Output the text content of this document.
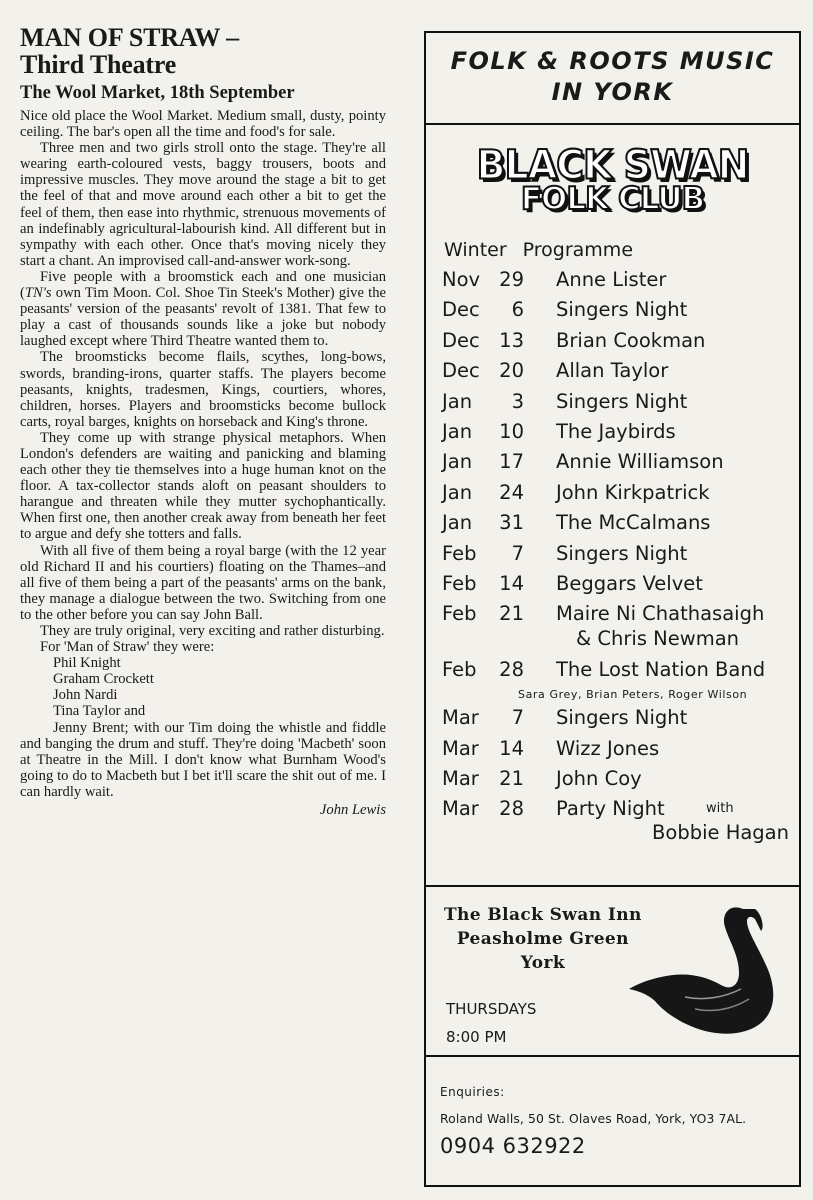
MAN OF STRAW –
Third Theatre
The Wool Market, 18th September

Nice old place the Wool Market. Medium small, dusty, pointy ceiling. The bar's open all the time and food's for sale.

Three men and two girls stroll onto the stage. They're all wearing earth-coloured vests, baggy trousers, boots and impressive muscles. They move around the stage a bit to get the feel of that and move around each other a bit to get the feel of them, then ease into rhythmic, strenuous movements of an indefinably agricultural-labourish kind. All different but in sympathy with each other. Once that's moving nicely they start a chant. An improvised call-and-answer work-song.

Five people with a broomstick each and one musician (TN's own Tim Moon. Col. Shoe Tin Steek's Mother) give the peasants' version of the peasants' revolt of 1381. That few to play a cast of thousands sounds like a joke but nobody laughed except where Third Theatre wanted them to.

The broomsticks become flails, scythes, long-bows, swords, branding-irons, quarter staffs. The players become peasants, knights, tradesmen, Kings, courtiers, whores, children, horses. Players and broomsticks become bullock carts, royal barges, knights on horseback and King's throne.

They come up with strange physical metaphors. When London's defenders are waiting and panicking and blaming each other they tie themselves into a huge human knot on the floor. A tax-collector stands aloft on peasant shoulders to harangue and threaten while they mutter sychophantically. When first one, then another creak away from beneath her feet to argue and defy she totters and falls.

With all five of them being a royal barge (with the 12 year old Richard II and his courtiers) floating on the Thames–and all five of them being a part of the peasants' arms on the bank, they manage a dialogue between the two. Switching from one to the other before you can say John Ball.

They are truly original, very exciting and rather disturbing.

For 'Man of Straw' they were:

Phil Knight
Graham Crockett
John Nardi
Tina Taylor and

Jenny Brent; with our Tim doing the whistle and fiddle and banging the drum and stuff. They're doing 'Macbeth' soon at Theatre in the Mill. I don't know what Burnham Wood's going to do to Macbeth but I bet it'll scare the shit out of me. I can hardly wait.

John Lewis
FOLK & ROOTS MUSIC
IN YORK
BLACK SWAN
FOLK CLUB
Winter Programme
Nov 29 Anne Lister
Dec	6 Singers Night
Dec 13 Brian Cookman
Dec 20 Allan Taylor
Jan	3 Singers Night
Jan 10 The Jaybirds
Jan 17 Annie Williamson
Jan 24 John Kirkpatrick
Jan 31 The McCalmans
Feb	7 Singers Night
Feb 14 Beggars Velvet
Feb 21 Maire Ni Chathasaigh
& Chris Newman
Feb 28 The Lost Nation Band
Sara Grey, Brian Peters, Roger Wilson
Mar	7 Singers Night
Mar 14 Wizz Jones
Mar 21 John Coy
Mar 28 Party Night	with
Bobbie Hagan
The Black Swan Inn
Peasholme Green
York
THURSDAYS
8:00 PM
Enquiries:
Roland Walls, 50 St. Olaves Road, York, YO3 7AL.
0904 632922
